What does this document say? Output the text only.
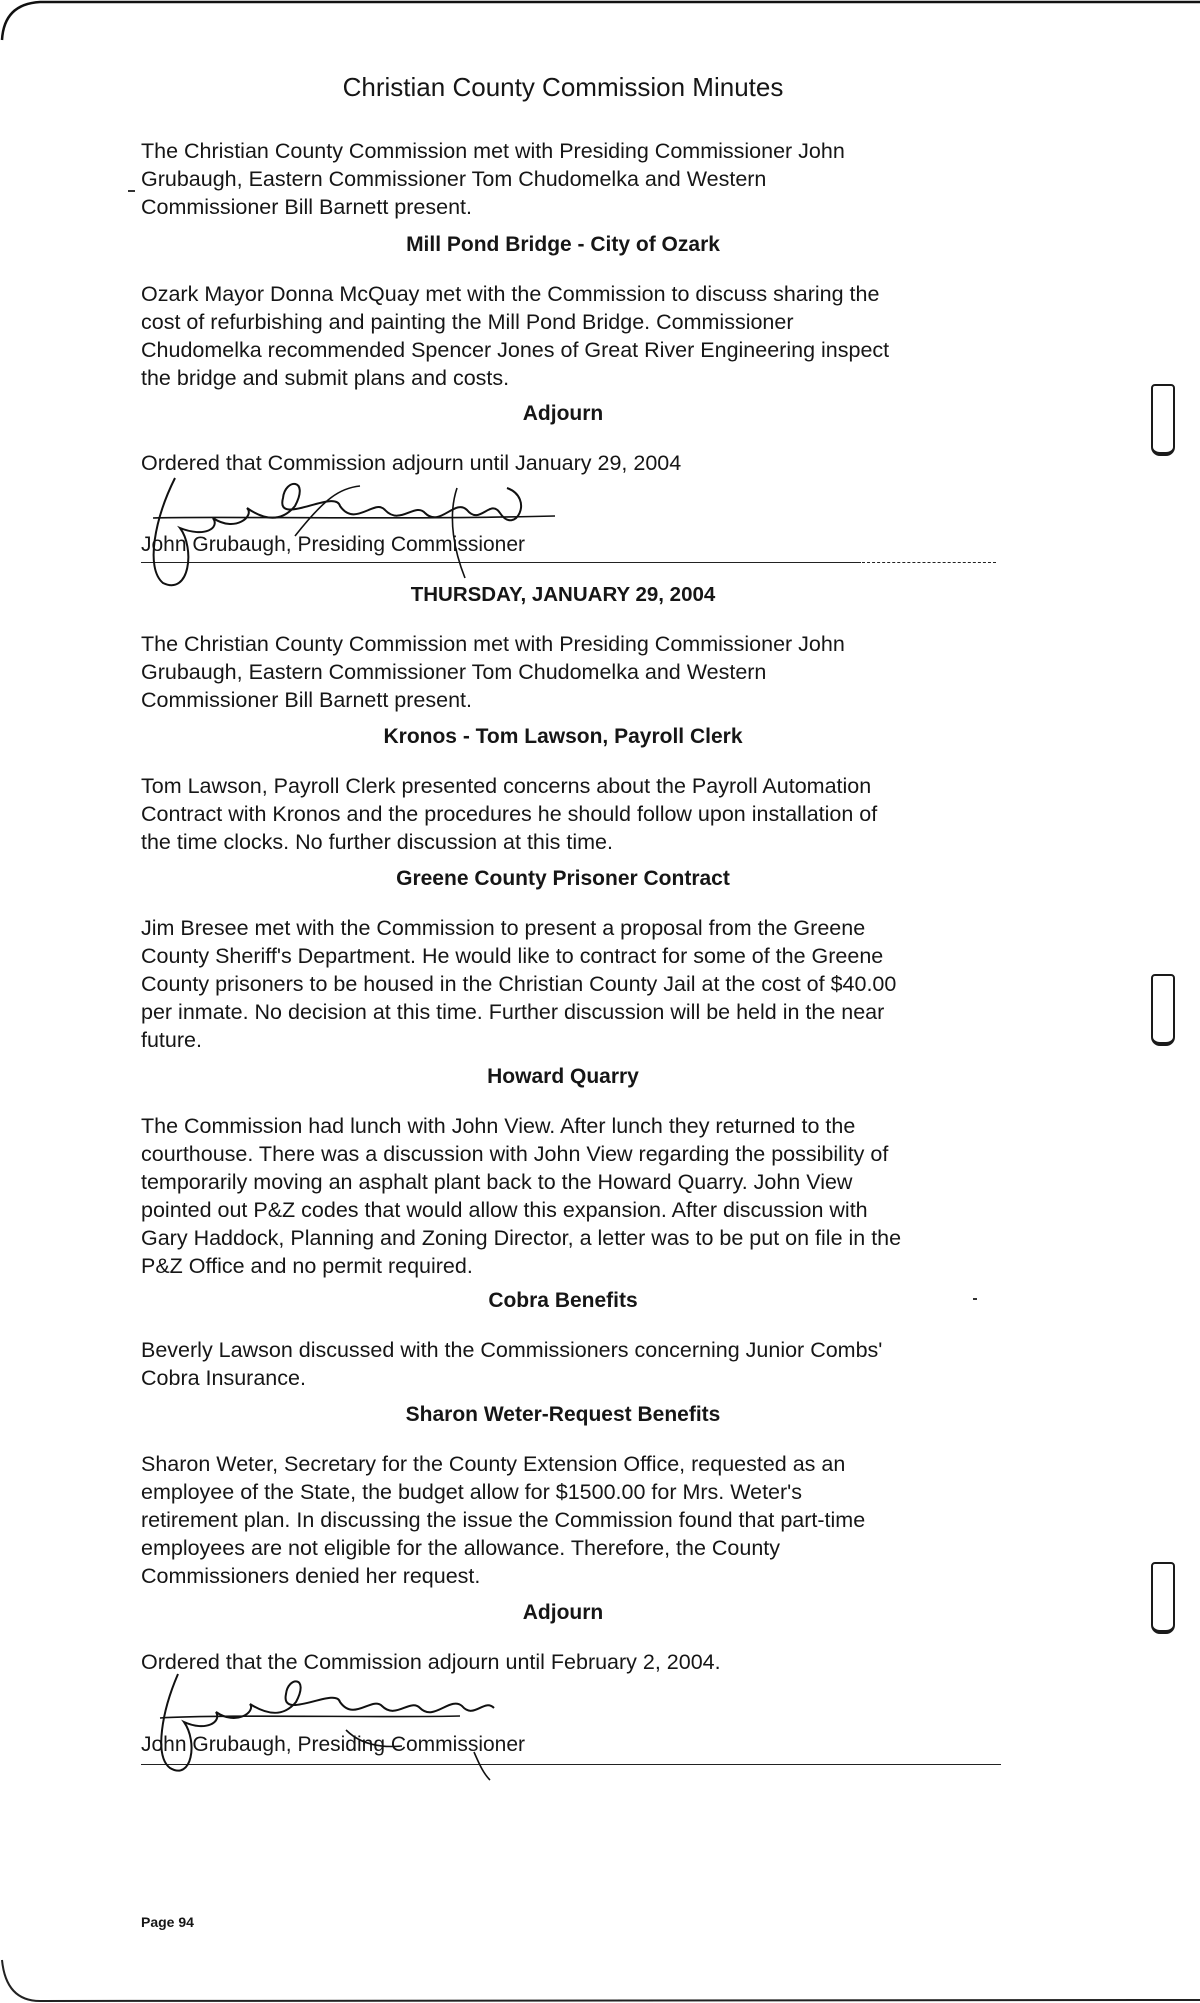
Christian County Commission Minutes

The Christian County Commission met with Presiding Commissioner John
Grubaugh, Eastern Commissioner Tom Chudomelka and Western
Commissioner Bill Barnett present.

Mill Pond Bridge - City of Ozark

Ozark Mayor Donna McQuay met with the Commission to discuss sharing the
cost of refurbishing and painting the Mill Pond Bridge. Commissioner
Chudomelka recommended Spencer Jones of Great River Engineering inspect
the bridge and submit plans and costs.

Adjourn
Ordered that Commission adjourn until January 29, 2004
John Grubaugh, Presiding Commissioner
THURSDAY, JANUARY 29, 2004

The Christian County Commission met with Presiding Commissioner John
Grubaugh, Eastern Commissioner Tom Chudomelka and Western
Commissioner Bill Barnett present.

Kronos - Tom Lawson, Payroll Clerk

Tom Lawson, Payroll Clerk presented concerns about the Payroll Automation
Contract with Kronos and the procedures he should follow upon installation of
the time clocks. No further discussion at this time.

Greene County Prisoner Contract

Jim Bresee met with the Commission to present a proposal from the Greene
County Sheriff's Department. He would like to contract for some of the Greene
County prisoners to be housed in the Christian County Jail at the cost of $40.00
per inmate. No decision at this time. Further discussion will be held in the near
future.

Howard Quarry

The Commission had lunch with John View. After lunch they returned to the
courthouse. There was a discussion with John View regarding the possibility of
temporarily moving an asphalt plant back to the Howard Quarry. John View
pointed out P&Z codes that would allow this expansion. After discussion with
Gary Haddock, Planning and Zoning Director, a letter was to be put on file in the
P&Z Office and no permit required.

Cobra Benefits

Beverly Lawson discussed with the Commissioners concerning Junior Combs'
Cobra Insurance.

Sharon Weter-Request Benefits

Sharon Weter, Secretary for the County Extension Office, requested as an
employee of the State, the budget allow for $1500.00 for Mrs. Weter's
retirement plan. In discussing the issue the Commission found that part-time
employees are not eligible for the allowance. Therefore, the County
Commissioners denied her request.

Adjourn
Ordered that the Commission adjourn until February 2, 2004.
John Grubaugh, Presiding Commissioner
Page 94
